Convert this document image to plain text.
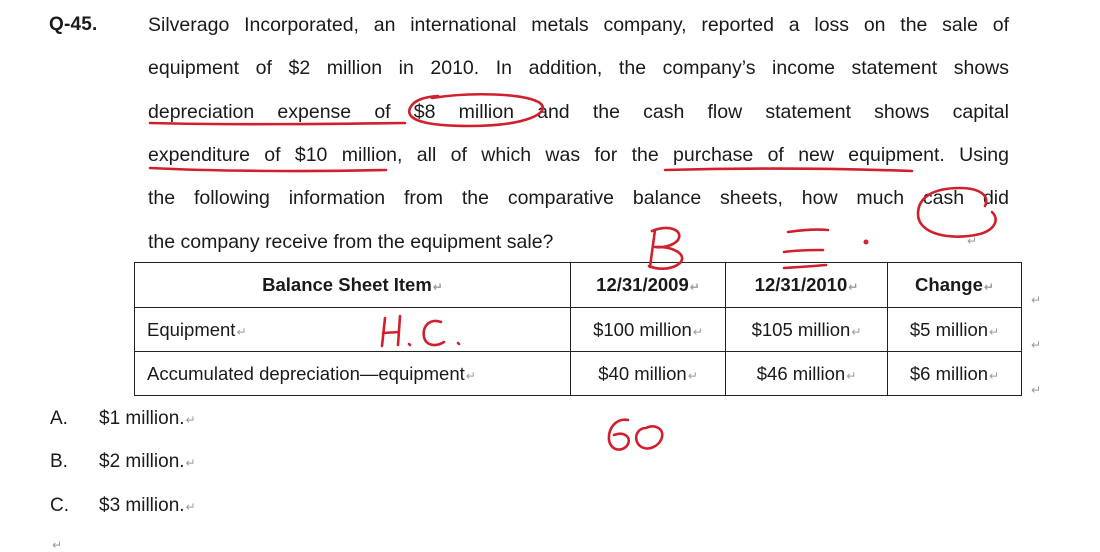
Q-45.	Silverago Incorporated, an international metals company, reported a loss on the sale of
equipment of $2 million in 2010. In addition, the company’s income statement shows
depreciation expense of $8 million and the cash flow statement shows capital
expenditure of $10 million, all of which was for the purchase of new equipment. Using
the following information from the comparative balance sheets, how much cash did
the company receive from the equipment sale?	↵
Balance Sheet Item↵	12/31/2009↵	12/31/2010↵	Change↵
Equipment↵	$100 million↵	$105 million↵	$5 million↵
Accumulated depreciation—equipment↵	$40 million↵	$46 million↵	$6 million↵
↵
↵
↵
A. $1 million.↵
B. $2 million.↵
C. $3 million.↵
↵
